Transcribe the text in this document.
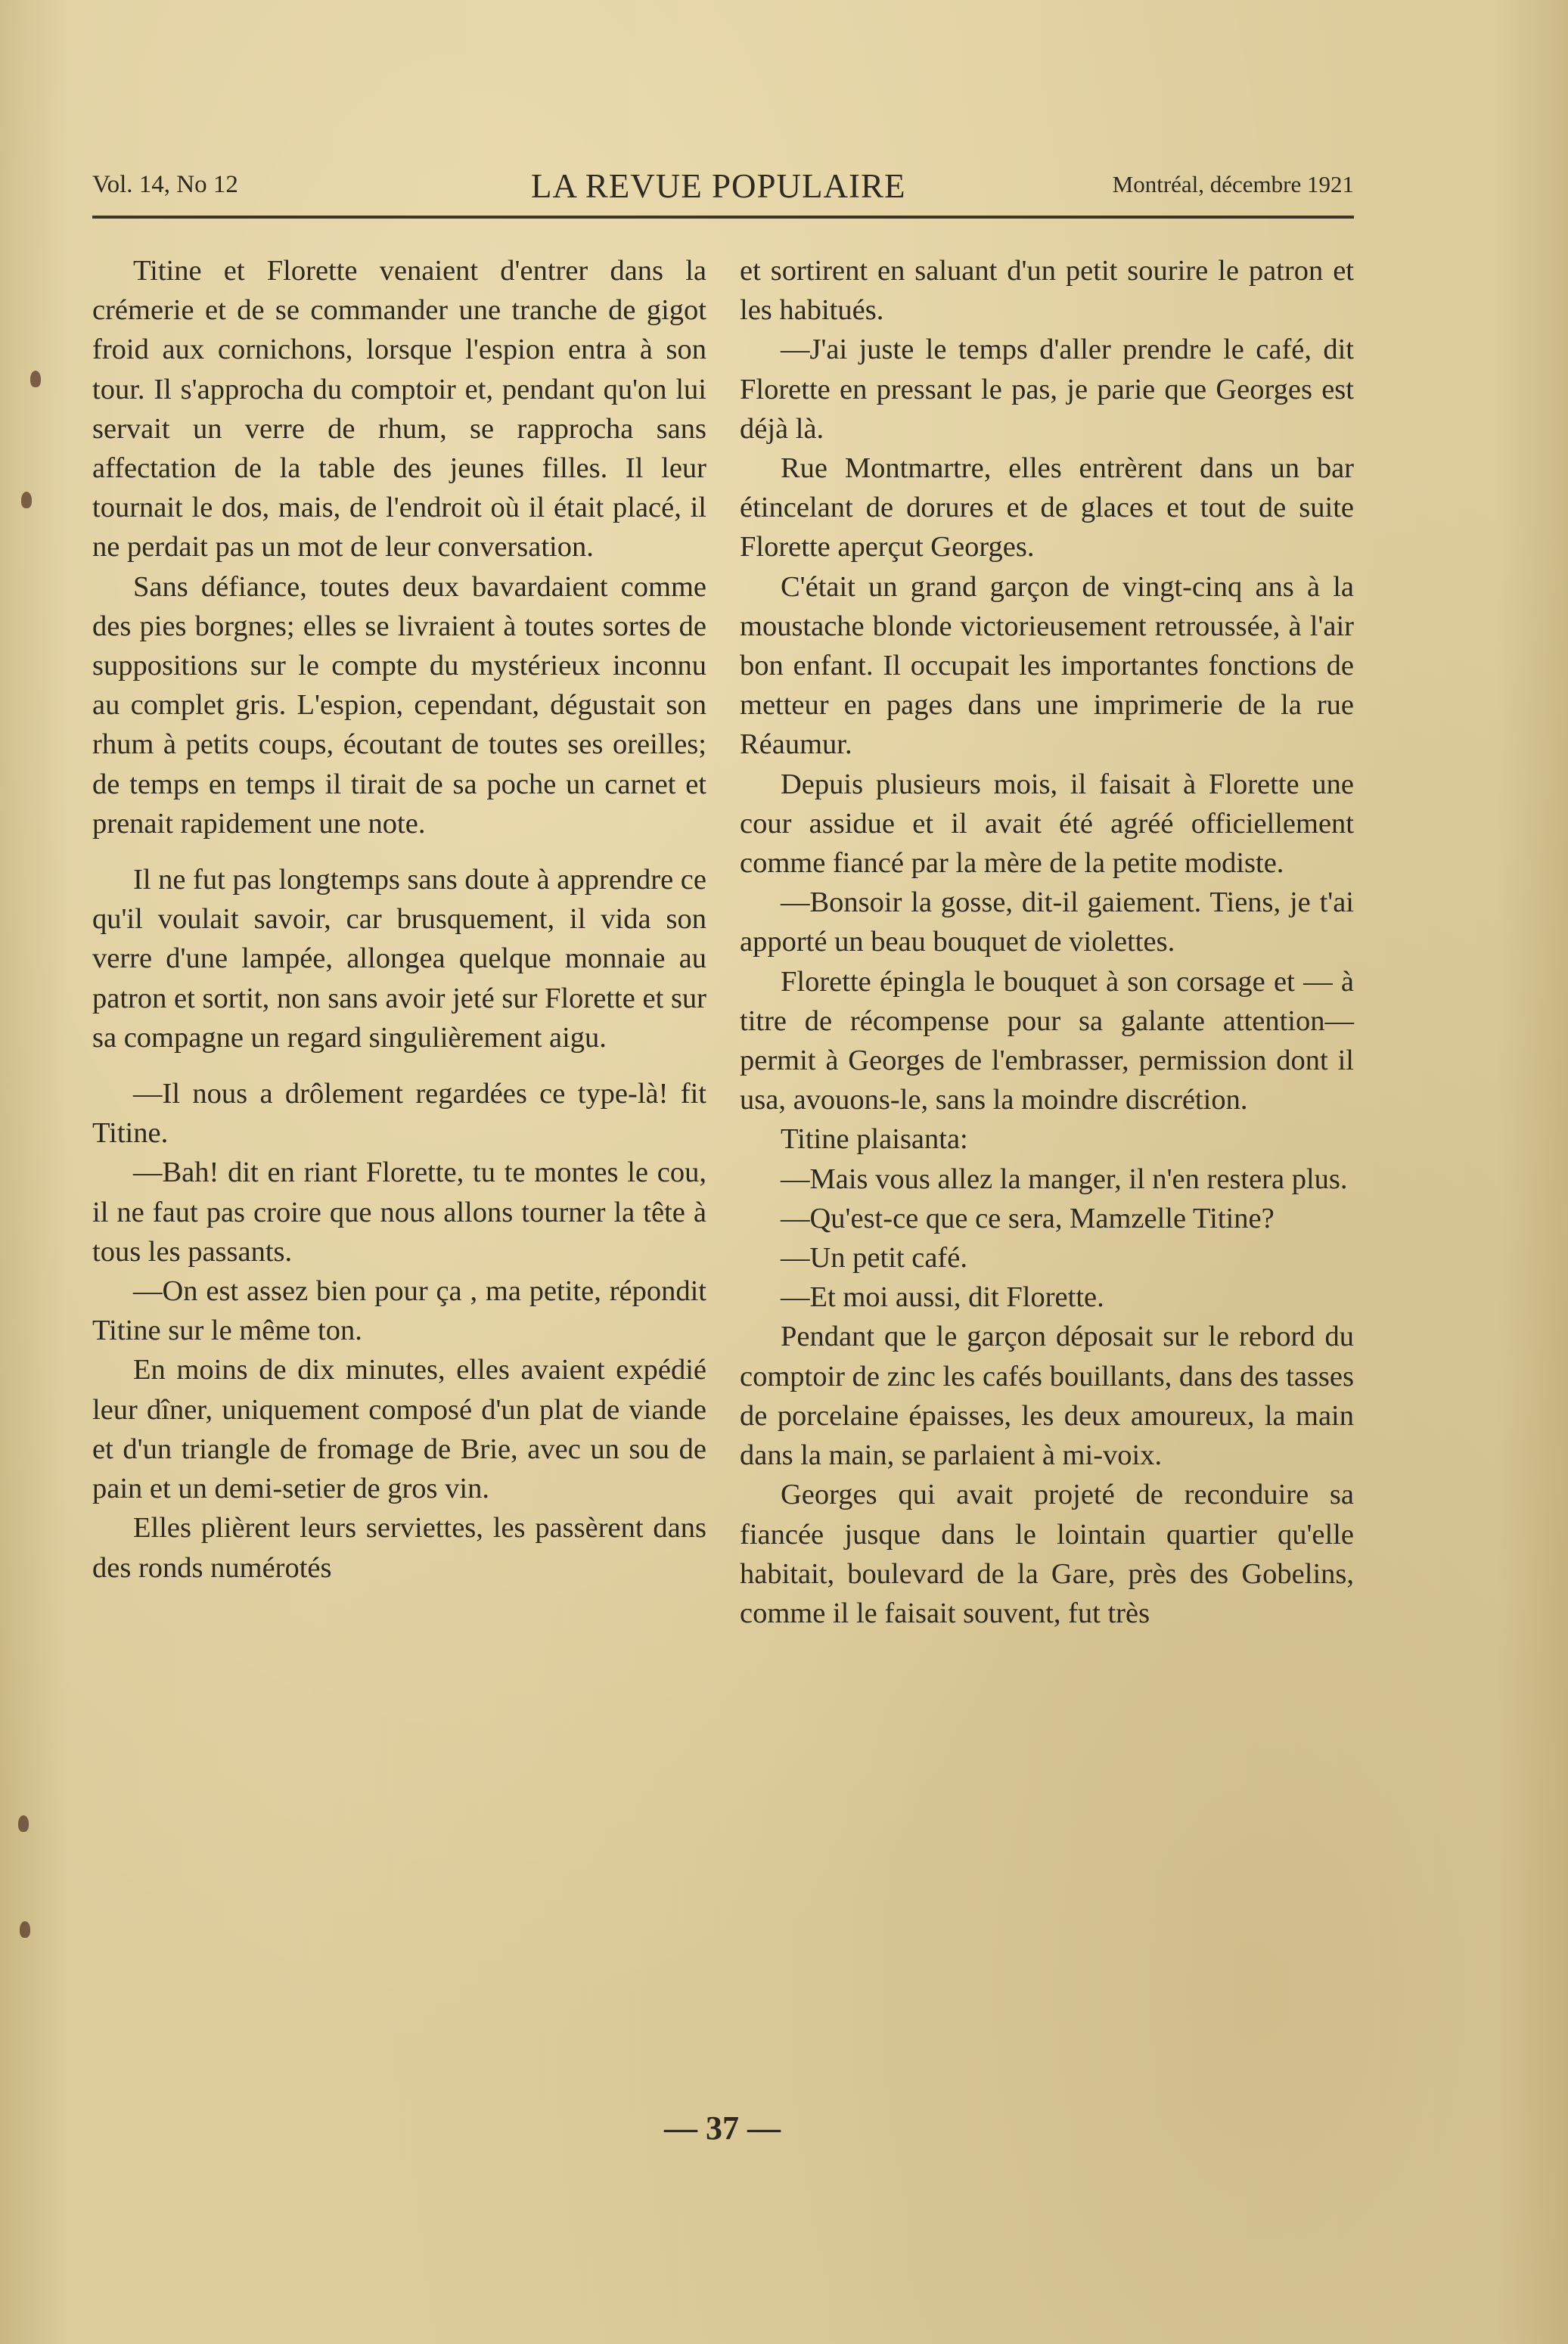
Vol. 14, No 12	LA REVUE POPULAIRE	Montréal, décembre 1921

Titine et Florette venaient d'entrer dans la crémerie et de se commander une tranche de gigot froid aux cornichons, lorsque l'espion entra à son tour. Il s'approcha du comptoir et, pendant qu'on lui servait un verre de rhum, se rapprocha sans affectation de la table des jeunes filles. Il leur tournait le dos, mais, de l'endroit où il était placé, il ne perdait pas un mot de leur conversation.

Sans défiance, toutes deux bavardaient comme des pies borgnes; elles se livraient à toutes sortes de suppositions sur le compte du mystérieux inconnu au complet gris. L'espion, cependant, dégustait son rhum à petits coups, écoutant de toutes ses oreilles; de temps en temps il tirait de sa poche un carnet et prenait rapidement une note.

Il ne fut pas longtemps sans doute à apprendre ce qu'il voulait savoir, car brusquement, il vida son verre d'une lampée, allongea quelque monnaie au patron et sortit, non sans avoir jeté sur Florette et sur sa compagne un regard singulièrement aigu.

—Il nous a drôlement regardées ce type-là! fit Titine.

—Bah! dit en riant Florette, tu te montes le cou, il ne faut pas croire que nous allons tourner la tête à tous les passants.

—On est assez bien pour ça , ma petite, répondit Titine sur le même ton.

En moins de dix minutes, elles avaient expédié leur dîner, uniquement composé d'un plat de viande et d'un triangle de fromage de Brie, avec un sou de pain et un demi-setier de gros vin.

Elles plièrent leurs serviettes, les passèrent dans des ronds numérotés

et sortirent en saluant d'un petit sourire le patron et les habitués.

—J'ai juste le temps d'aller prendre le café, dit Florette en pressant le pas, je parie que Georges est déjà là.

Rue Montmartre, elles entrèrent dans un bar étincelant de dorures et de glaces et tout de suite Florette aperçut Georges.

C'était un grand garçon de vingt-cinq ans à la moustache blonde victorieusement retroussée, à l'air bon enfant. Il occupait les importantes fonctions de metteur en pages dans une imprimerie de la rue Réaumur.

Depuis plusieurs mois, il faisait à Florette une cour assidue et il avait été agréé officiellement comme fiancé par la mère de la petite modiste.

—Bonsoir la gosse, dit-il gaiement. Tiens, je t'ai apporté un beau bouquet de violettes.

Florette épingla le bouquet à son corsage et — à titre de récompense pour sa galante attention—permit à Georges de l'embrasser, permission dont il usa, avouons-le, sans la moindre discrétion.

Titine plaisanta:

—Mais vous allez la manger, il n'en restera plus.

—Qu'est-ce que ce sera, Mamzelle Titine?

—Un petit café.

—Et moi aussi, dit Florette.

Pendant que le garçon déposait sur le rebord du comptoir de zinc les cafés bouillants, dans des tasses de porcelaine épaisses, les deux amoureux, la main dans la main, se parlaient à mi-voix.

Georges qui avait projeté de reconduire sa fiancée jusque dans le lointain quartier qu'elle habitait, boulevard de la Gare, près des Gobelins, comme il le faisait souvent, fut très

— 37 —
